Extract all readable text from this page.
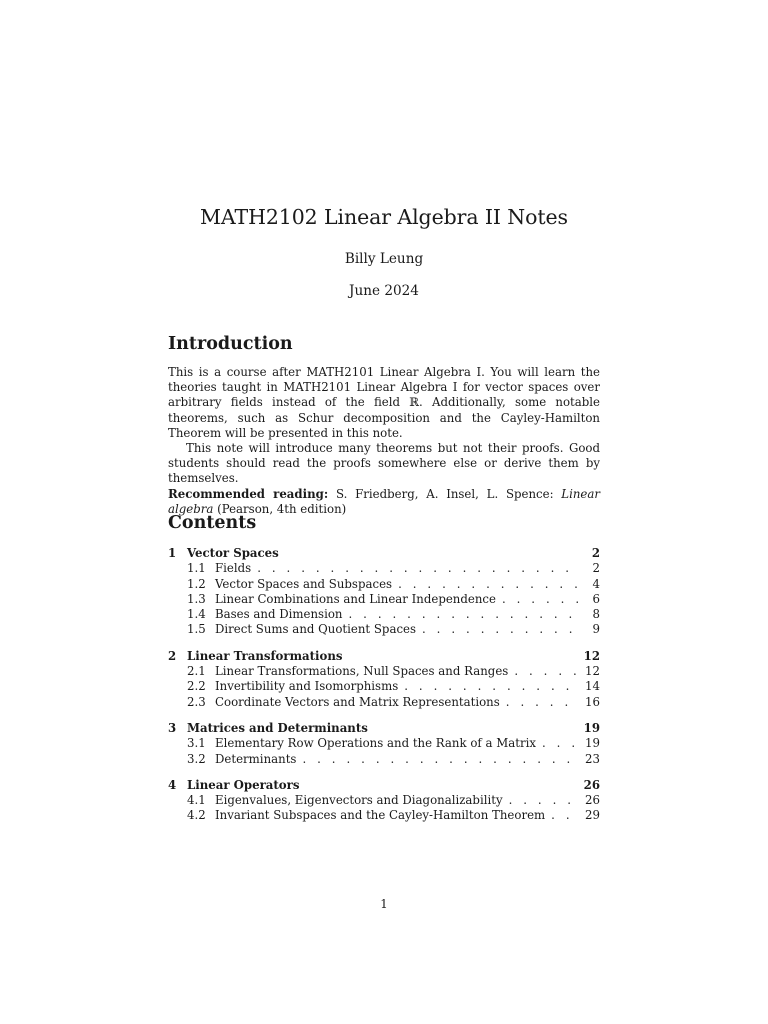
MATH2102 Linear Algebra II Notes
Billy Leung
June 2024
Introduction

This is a course after MATH2101 Linear Algebra I. You will learn the theories taught in MATH2101 Linear Algebra I for vector spaces over arbitrary fields instead of the field ℝ. Additionally, some notable theorems, such as Schur decomposition and the Cayley-Hamilton Theorem will be presented in this note.

This note will introduce many theorems but not their proofs. Good students should read the proofs somewhere else or derive them by themselves.

Recommended reading: S. Friedberg, A. Insel, L. Spence: Linear algebra (Pearson, 4th edition)

Contents
1 Vector Spaces	2
1.1 Fields . . .	2
1.2 Vector Spaces and Subspaces . . .	4
1.3 Linear Combinations and Linear Independence . . .	6
1.4 Bases and Dimension . . .	8
1.5 Direct Sums and Quotient Spaces . . .	9
2 Linear Transformations	12
2.1 Linear Transformations, Null Spaces and Ranges . . .	12
2.2 Invertibility and Isomorphisms . . .	14
2.3 Coordinate Vectors and Matrix Representations . . .	16
3 Matrices and Determinants	19
3.1 Elementary Row Operations and the Rank of a Matrix . . .	19
3.2 Determinants . . .	23
4 Linear Operators	26
4.1 Eigenvalues, Eigenvectors and Diagonalizability . . .	26
4.2 Invariant Subspaces and the Cayley-Hamilton Theorem . . .	29
1
